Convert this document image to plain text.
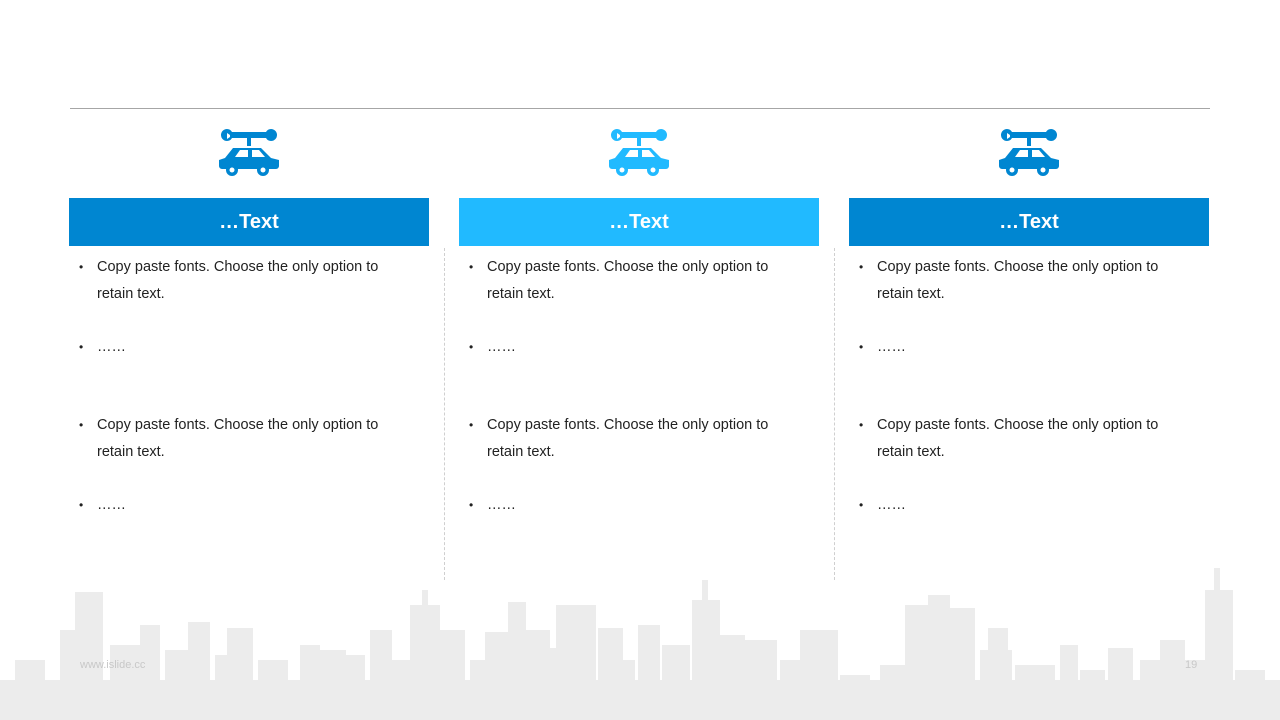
…Text
• Copy paste fonts. Choose the only option to retain text.
• ……
• Copy paste fonts. Choose the only option to retain text.
• ……
…Text
• Copy paste fonts. Choose the only option to retain text.
• ……
• Copy paste fonts. Choose the only option to retain text.
• ……
…Text
• Copy paste fonts. Choose the only option to retain text.
• ……
• Copy paste fonts. Choose the only option to retain text.
• ……
www.islide.cc	19
